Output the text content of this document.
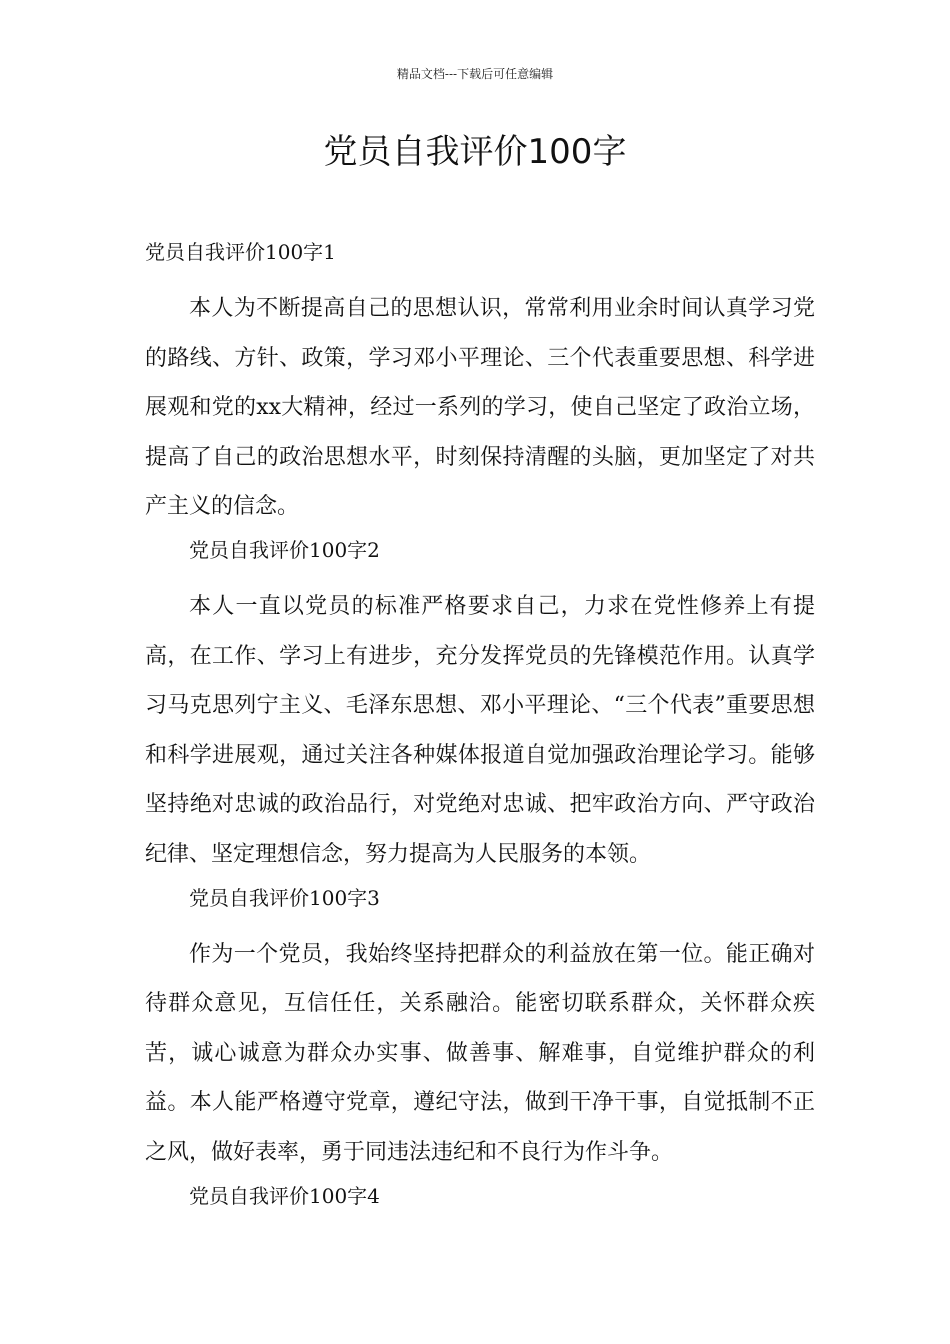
精品文档---下载后可任意编辑
党员自我评价100字
党员自我评价100字1

本人为不断提高自己的思想认识，常常利用业余时间认真学习党的路线、方针、政策，学习邓小平理论、三个代表重要思想、科学进展观和党的xx大精神，经过一系列的学习，使自己坚定了政治立场，提高了自己的政治思想水平，时刻保持清醒的头脑，更加坚定了对共产主义的信念。

党员自我评价100字2

本人一直以党员的标准严格要求自己，力求在党性修养上有提高，在工作、学习上有进步，充分发挥党员的先锋模范作用。认真学习马克思列宁主义、毛泽东思想、邓小平理论、“三个代表”重要思想和科学进展观，通过关注各种媒体报道自觉加强政治理论学习。能够坚持绝对忠诚的政治品行，对党绝对忠诚、把牢政治方向、严守政治纪律、坚定理想信念，努力提高为人民服务的本领。

党员自我评价100字3

作为一个党员，我始终坚持把群众的利益放在第一位。能正确对待群众意见，互信任任，关系融洽。能密切联系群众，关怀群众疾苦，诚心诚意为群众办实事、做善事、解难事，自觉维护群众的利益。本人能严格遵守党章，遵纪守法，做到干净干事，自觉抵制不正之风，做好表率，勇于同违法违纪和不良行为作斗争。

党员自我评价100字4
